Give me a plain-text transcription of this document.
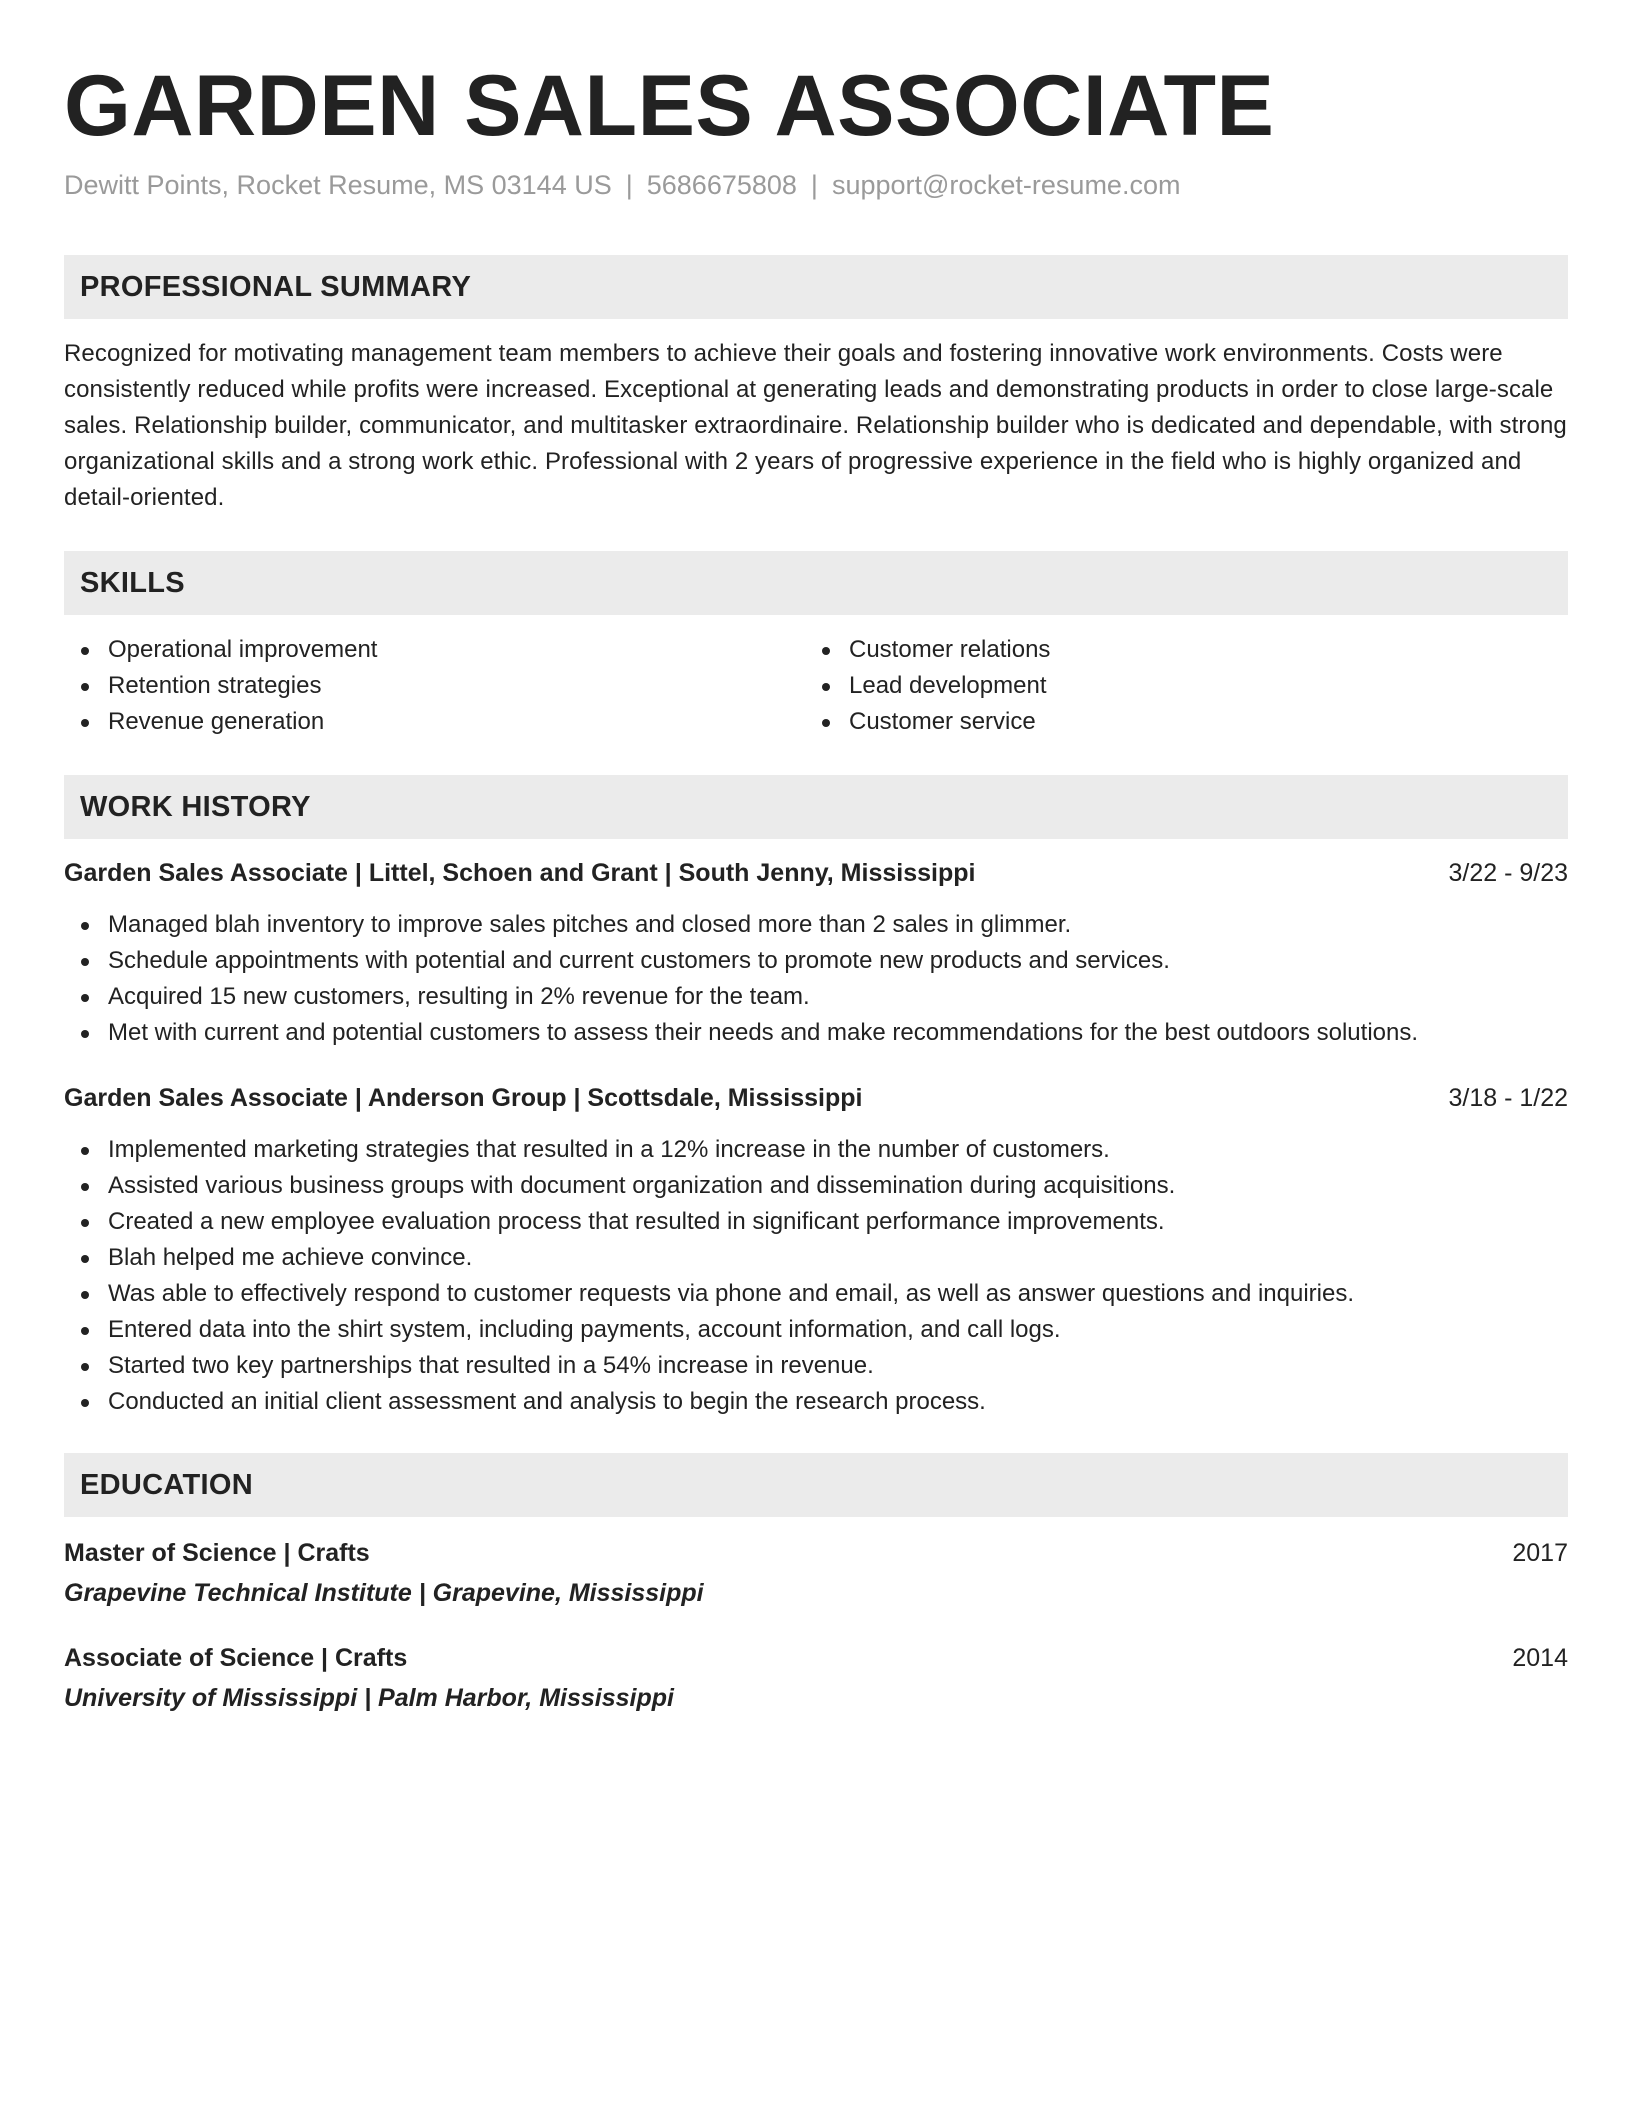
GARDEN SALES ASSOCIATE
Dewitt Points, Rocket Resume, MS 03144 US | 5686675808 | support@rocket-resume.com
PROFESSIONAL SUMMARY

Recognized for motivating management team members to achieve their goals and fostering innovative work environments. Costs were consistently reduced while profits were increased. Exceptional at generating leads and demonstrating products in order to close large-scale sales. Relationship builder, communicator, and multitasker extraordinaire. Relationship builder who is dedicated and dependable, with strong organizational skills and a strong work ethic. Professional with 2 years of progressive experience in the field who is highly organized and detail-oriented.

SKILLS
Operational improvement
Retention strategies
Revenue generation
Customer relations
Lead development
Customer service
WORK HISTORY
Garden Sales Associate | Littel, Schoen and Grant | South Jenny, Mississippi	3/22 - 9/23
Managed blah inventory to improve sales pitches and closed more than 2 sales in glimmer.
Schedule appointments with potential and current customers to promote new products and services.
Acquired 15 new customers, resulting in 2% revenue for the team.
Met with current and potential customers to assess their needs and make recommendations for the best outdoors solutions.
Garden Sales Associate | Anderson Group | Scottsdale, Mississippi	3/18 - 1/22
Implemented marketing strategies that resulted in a 12% increase in the number of customers.
Assisted various business groups with document organization and dissemination during acquisitions.
Created a new employee evaluation process that resulted in significant performance improvements.
Blah helped me achieve convince.
Was able to effectively respond to customer requests via phone and email, as well as answer questions and inquiries.
Entered data into the shirt system, including payments, account information, and call logs.
Started two key partnerships that resulted in a 54% increase in revenue.
Conducted an initial client assessment and analysis to begin the research process.
EDUCATION
Master of Science | Crafts	2017
Grapevine Technical Institute | Grapevine, Mississippi
Associate of Science | Crafts	2014
University of Mississippi | Palm Harbor, Mississippi
